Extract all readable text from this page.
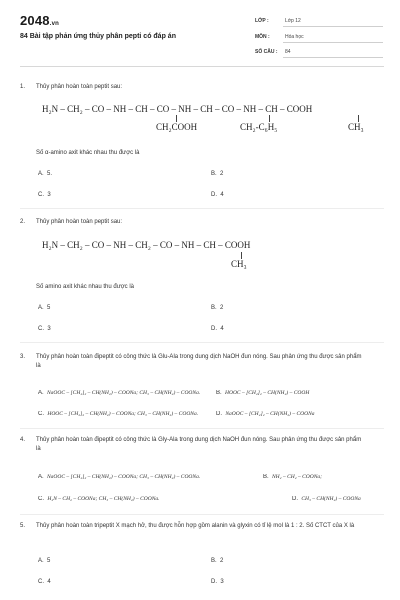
2048.vn
84 Bài tập phản ứng thủy phân pepti có đáp án
LỚP :	Lớp 12
MÔN :	Hóa học
SỐ CÂU : 84
1. Thủy phân hoàn toàn peptit sau:
H₂N – CH₂ – CO – NH – CH – CO – NH – CH – CO – NH – CH – COOH
CH₂COOH	CH₂-C₆H₅	CH₃
Số α-amino axit khác nhau thu được là
A. 5.	B. 2
C. 3	D. 4
2. Thủy phân hoàn toàn peptit sau:
H₂N – CH₂ – CO – NH – CH₂ – CO – NH – CH – COOH
CH₃
Số amino axit khác nhau thu được là
A. 5	B. 2
C. 3	D. 4
3. Thủy phân hoàn toàn đipeptit có công thức là Glu-Ala trong dung dịch NaOH đun nóng. Sau phản ứng thu được sản phẩm là
A. NaOOC – [CH₂]₂ – CH(NH₂) – COONa; CH₃ – CH(NH₂) – COONa.	B. HOOC – [CH₂]₂ – CH(NH₂) – COOH
C. HOOC – [CH₂]₂ – CH(NH₂) – COONa; CH₃ – CH(NH₂) – COONa.	D. NaOOC – [CH₂]₂ – CH(NH₂) – COONa
4. Thủy phân hoàn toàn đipeptit có công thức là Gly-Ala trong dung dịch NaOH đun nóng. Sau phản ứng thu được sản phẩm là
A. NaOOC – [CH₂]₂ – CH(NH₂) – COONa; CH₃ – CH(NH₂) – COONa.	B. NH₂ – CH₂ – COONa;
C. H₂N – CH₂ – COONa; CH₃ – CH(NH₂) – COONa.	D. CH₃ – CH(NH₂) – COONa
5. Thủy phân hoàn toàn tripeptit X mạch hở, thu được hỗn hợp gồm alanin và glyxin có tỉ lệ mol là 1 : 2. Số CTCT của X là
A. 5	B. 2
C. 4	D. 3
